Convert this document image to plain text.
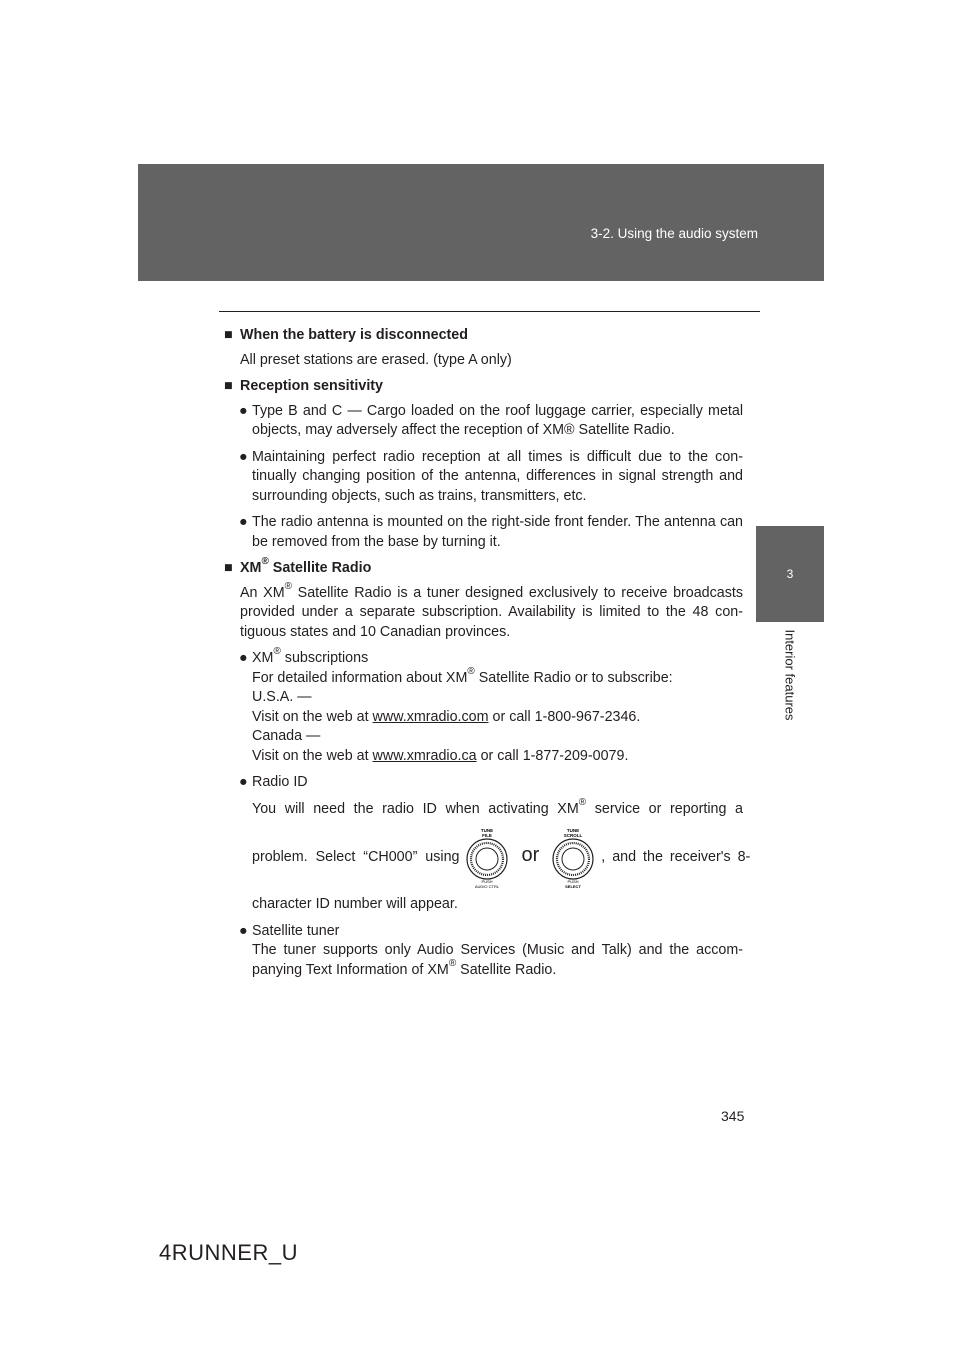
3-2. Using the audio system
3
Interior features
■ When the battery is disconnected

All preset stations are erased. (type A only)

■ Reception sensitivity
● Type B and C — Cargo loaded on the roof luggage carrier, especially metal objects, may adversely affect the reception of XM® Satellite Radio.

● Maintaining perfect radio reception at all times is difficult due to the con-tinually changing position of the antenna, differences in signal strength and surrounding objects, such as trains, transmitters, etc.

● The radio antenna is mounted on the right-side front fender. The antenna can be removed from the base by turning it.

■ XM® Satellite Radio

An XM® Satellite Radio is a tuner designed exclusively to receive broadcasts provided under a separate subscription. Availability is limited to the 48 con-tiguous states and 10 Canadian provinces.

● XM® subscriptions

For detailed information about XM® Satellite Radio or to subscribe:

U.S.A. —

Visit on the web at www.xmradio.com or call 1-800-967-2346.

Canada —

Visit on the web at www.xmradio.ca or call 1-877-209-0079.

● Radio ID

You will need the radio ID when activating XM® service or reporting a

problem. Select “CH000” using
TUNE
FILE
PUSH
AUDIO CTRL
or
TUNE
SCROLL
PUSH
SELECT
, and the receiver's 8-

character ID number will appear.

● Satellite tuner

The tuner supports only Audio Services (Music and Talk) and the accom-panying Text Information of XM® Satellite Radio.

345
4RUNNER_U
